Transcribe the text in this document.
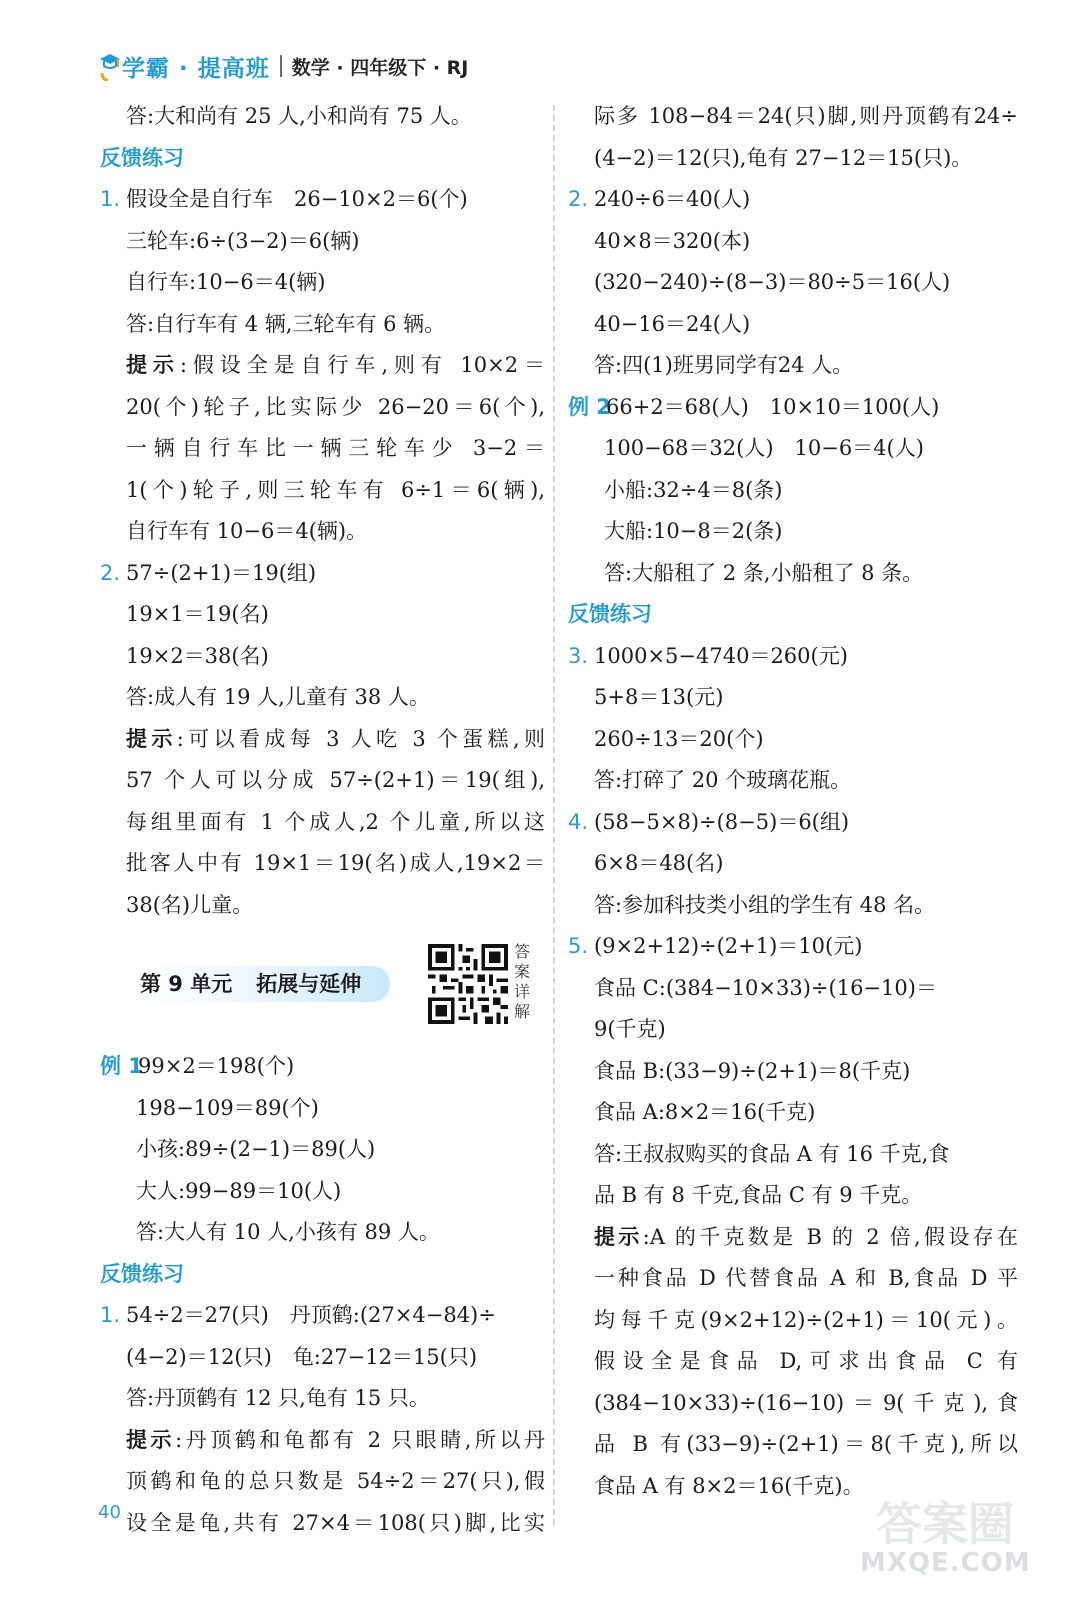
学霸 · 提高班 数学 · 四年级下 · RJ
答:大和尚有 25 人,小和尚有 75 人。
反馈练习
1. 假设全是自行车　26−10×2＝6(个)
三轮车:6÷(3−2)＝6(辆)
自行车:10−6＝4(辆)
答:自行车有 4 辆,三轮车有 6 辆。
提示:假设全是自行车,则有 10×2＝
20(个)轮子,比实际少 26−20＝6(个),
一辆自行车比一辆三轮车少 3−2＝
1(个)轮子,则三轮车有 6÷1＝6(辆),
自行车有 10−6＝4(辆)。
2. 57÷(2+1)＝19(组)
19×1＝19(名)
19×2＝38(名)
答:成人有 19 人,儿童有 38 人。
提示:可以看成每 3 人吃 3 个蛋糕,则
57 个人可以分成 57÷(2+1)＝19(组),
每组里面有 1 个成人,2 个儿童,所以这
批客人中有 19×1＝19(名)成人,19×2＝
38(名)儿童。
第 9 单元 拓展与延伸
答案详解
例 199×2＝198(个)
198−109＝89(个)
小孩:89÷(2−1)＝89(人)
大人:99−89＝10(人)
答:大人有 10 人,小孩有 89 人。
反馈练习
1. 54÷2＝27(只)　丹顶鹤:(27×4−84)÷
(4−2)＝12(只)　龟:27−12＝15(只)
答:丹顶鹤有 12 只,龟有 15 只。
提示:丹顶鹤和龟都有 2 只眼睛,所以丹
顶鹤和龟的总只数是 54÷2＝27(只),假
设全是龟,共有 27×4＝108(只)脚,比实
际多 108−84＝24(只)脚,则丹顶鹤有24÷
(4−2)＝12(只),龟有 27−12＝15(只)。
2. 240÷6＝40(人)
40×8＝320(本)
(320−240)÷(8−3)＝80÷5＝16(人)
40−16＝24(人)
答:四(1)班男同学有24 人。
例 266+2＝68(人)　10×10＝100(人)
100−68＝32(人)　10−6＝4(人)
小船:32÷4＝8(条)
大船:10−8＝2(条)
答:大船租了 2 条,小船租了 8 条。
反馈练习
3. 1000×5−4740＝260(元)
5+8＝13(元)
260÷13＝20(个)
答:打碎了 20 个玻璃花瓶。
4. (58−5×8)÷(8−5)＝6(组)
6×8＝48(名)
答:参加科技类小组的学生有 48 名。
5. (9×2+12)÷(2+1)＝10(元)
食品 C:(384−10×33)÷(16−10)＝
9(千克)
食品 B:(33−9)÷(2+1)＝8(千克)
食品 A:8×2＝16(千克)
答:王叔叔购买的食品 A 有 16 千克,食
品 B 有 8 千克,食品 C 有 9 千克。
提示:A 的千克数是 B 的 2 倍,假设存在
一种食品 D 代替食品 A 和 B,食品 D 平
均每千克(9×2+12)÷(2+1)＝10(元)。
假设全是食品 D,可求出食品 C 有
(384−10×33)÷(16−10)＝9(千克),食
品 B 有(33−9)÷(2+1)＝8(千克),所以
食品 A 有 8×2＝16(千克)。
40	答案圈
MXQE.COM
